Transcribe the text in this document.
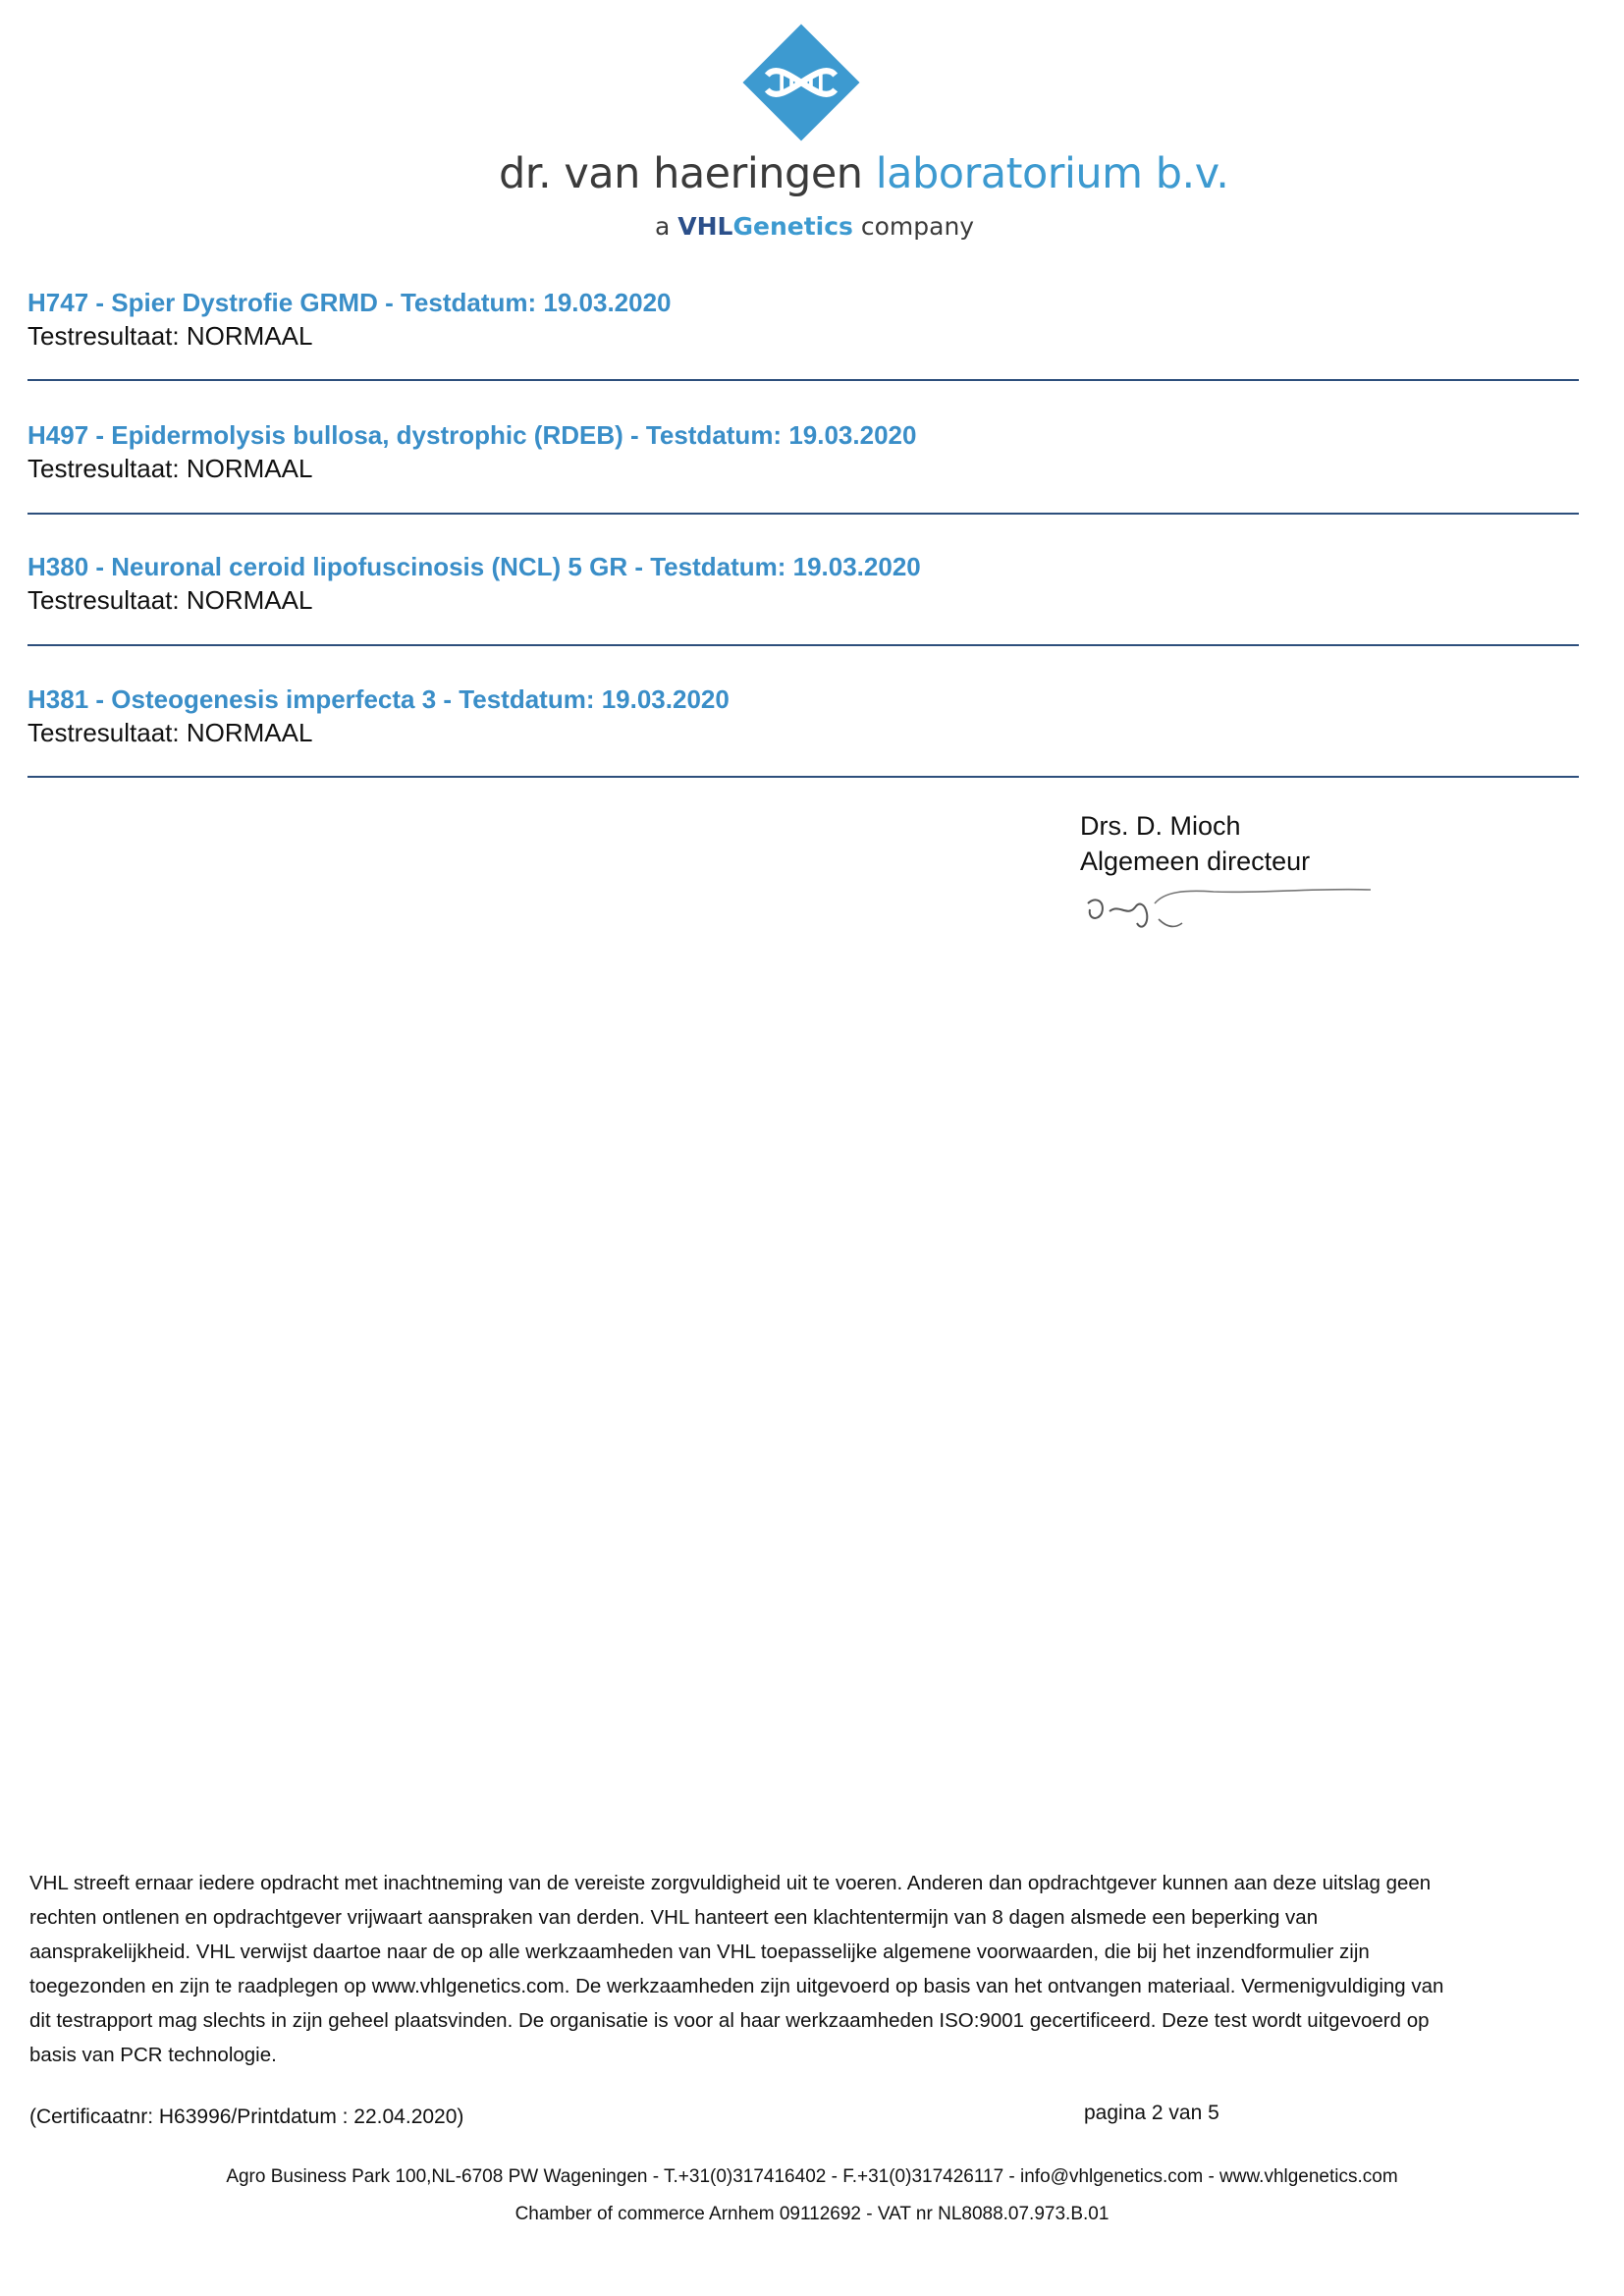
dr. van haeringen laboratorium b.v.
a VHLGenetics company
H747 - Spier Dystrofie GRMD - Testdatum: 19.03.2020
Testresultaat: NORMAAL
H497 - Epidermolysis bullosa, dystrophic (RDEB) - Testdatum: 19.03.2020
Testresultaat: NORMAAL
H380 - Neuronal ceroid lipofuscinosis (NCL) 5 GR - Testdatum: 19.03.2020
Testresultaat: NORMAAL
H381 - Osteogenesis imperfecta 3 - Testdatum: 19.03.2020
Testresultaat: NORMAAL
Drs. D. Mioch
Algemeen directeur
VHL streeft ernaar iedere opdracht met inachtneming van de vereiste zorgvuldigheid uit te voeren. Anderen dan opdrachtgever kunnen aan deze uitslag geen rechten ontlenen en opdrachtgever vrijwaart aanspraken van derden. VHL hanteert een klachtentermijn van 8 dagen alsmede een beperking van aansprakelijkheid. VHL verwijst daartoe naar de op alle werkzaamheden van VHL toepasselijke algemene voorwaarden, die bij het inzendformulier zijn toegezonden en zijn te raadplegen op www.vhlgenetics.com. De werkzaamheden zijn uitgevoerd op basis van het ontvangen materiaal. Vermenigvuldiging van dit testrapport mag slechts in zijn geheel plaatsvinden. De organisatie is voor al haar werkzaamheden ISO:9001 gecertificeerd. Deze test wordt uitgevoerd op basis van PCR technologie.
(Certificaatnr: H63996/Printdatum : 22.04.2020)	pagina 2 van 5
Agro Business Park 100,NL-6708 PW Wageningen - T.+31(0)317416402 - F.+31(0)317426117 - info@vhlgenetics.com - www.vhlgenetics.com
Chamber of commerce Arnhem 09112692 - VAT nr NL8088.07.973.B.01
